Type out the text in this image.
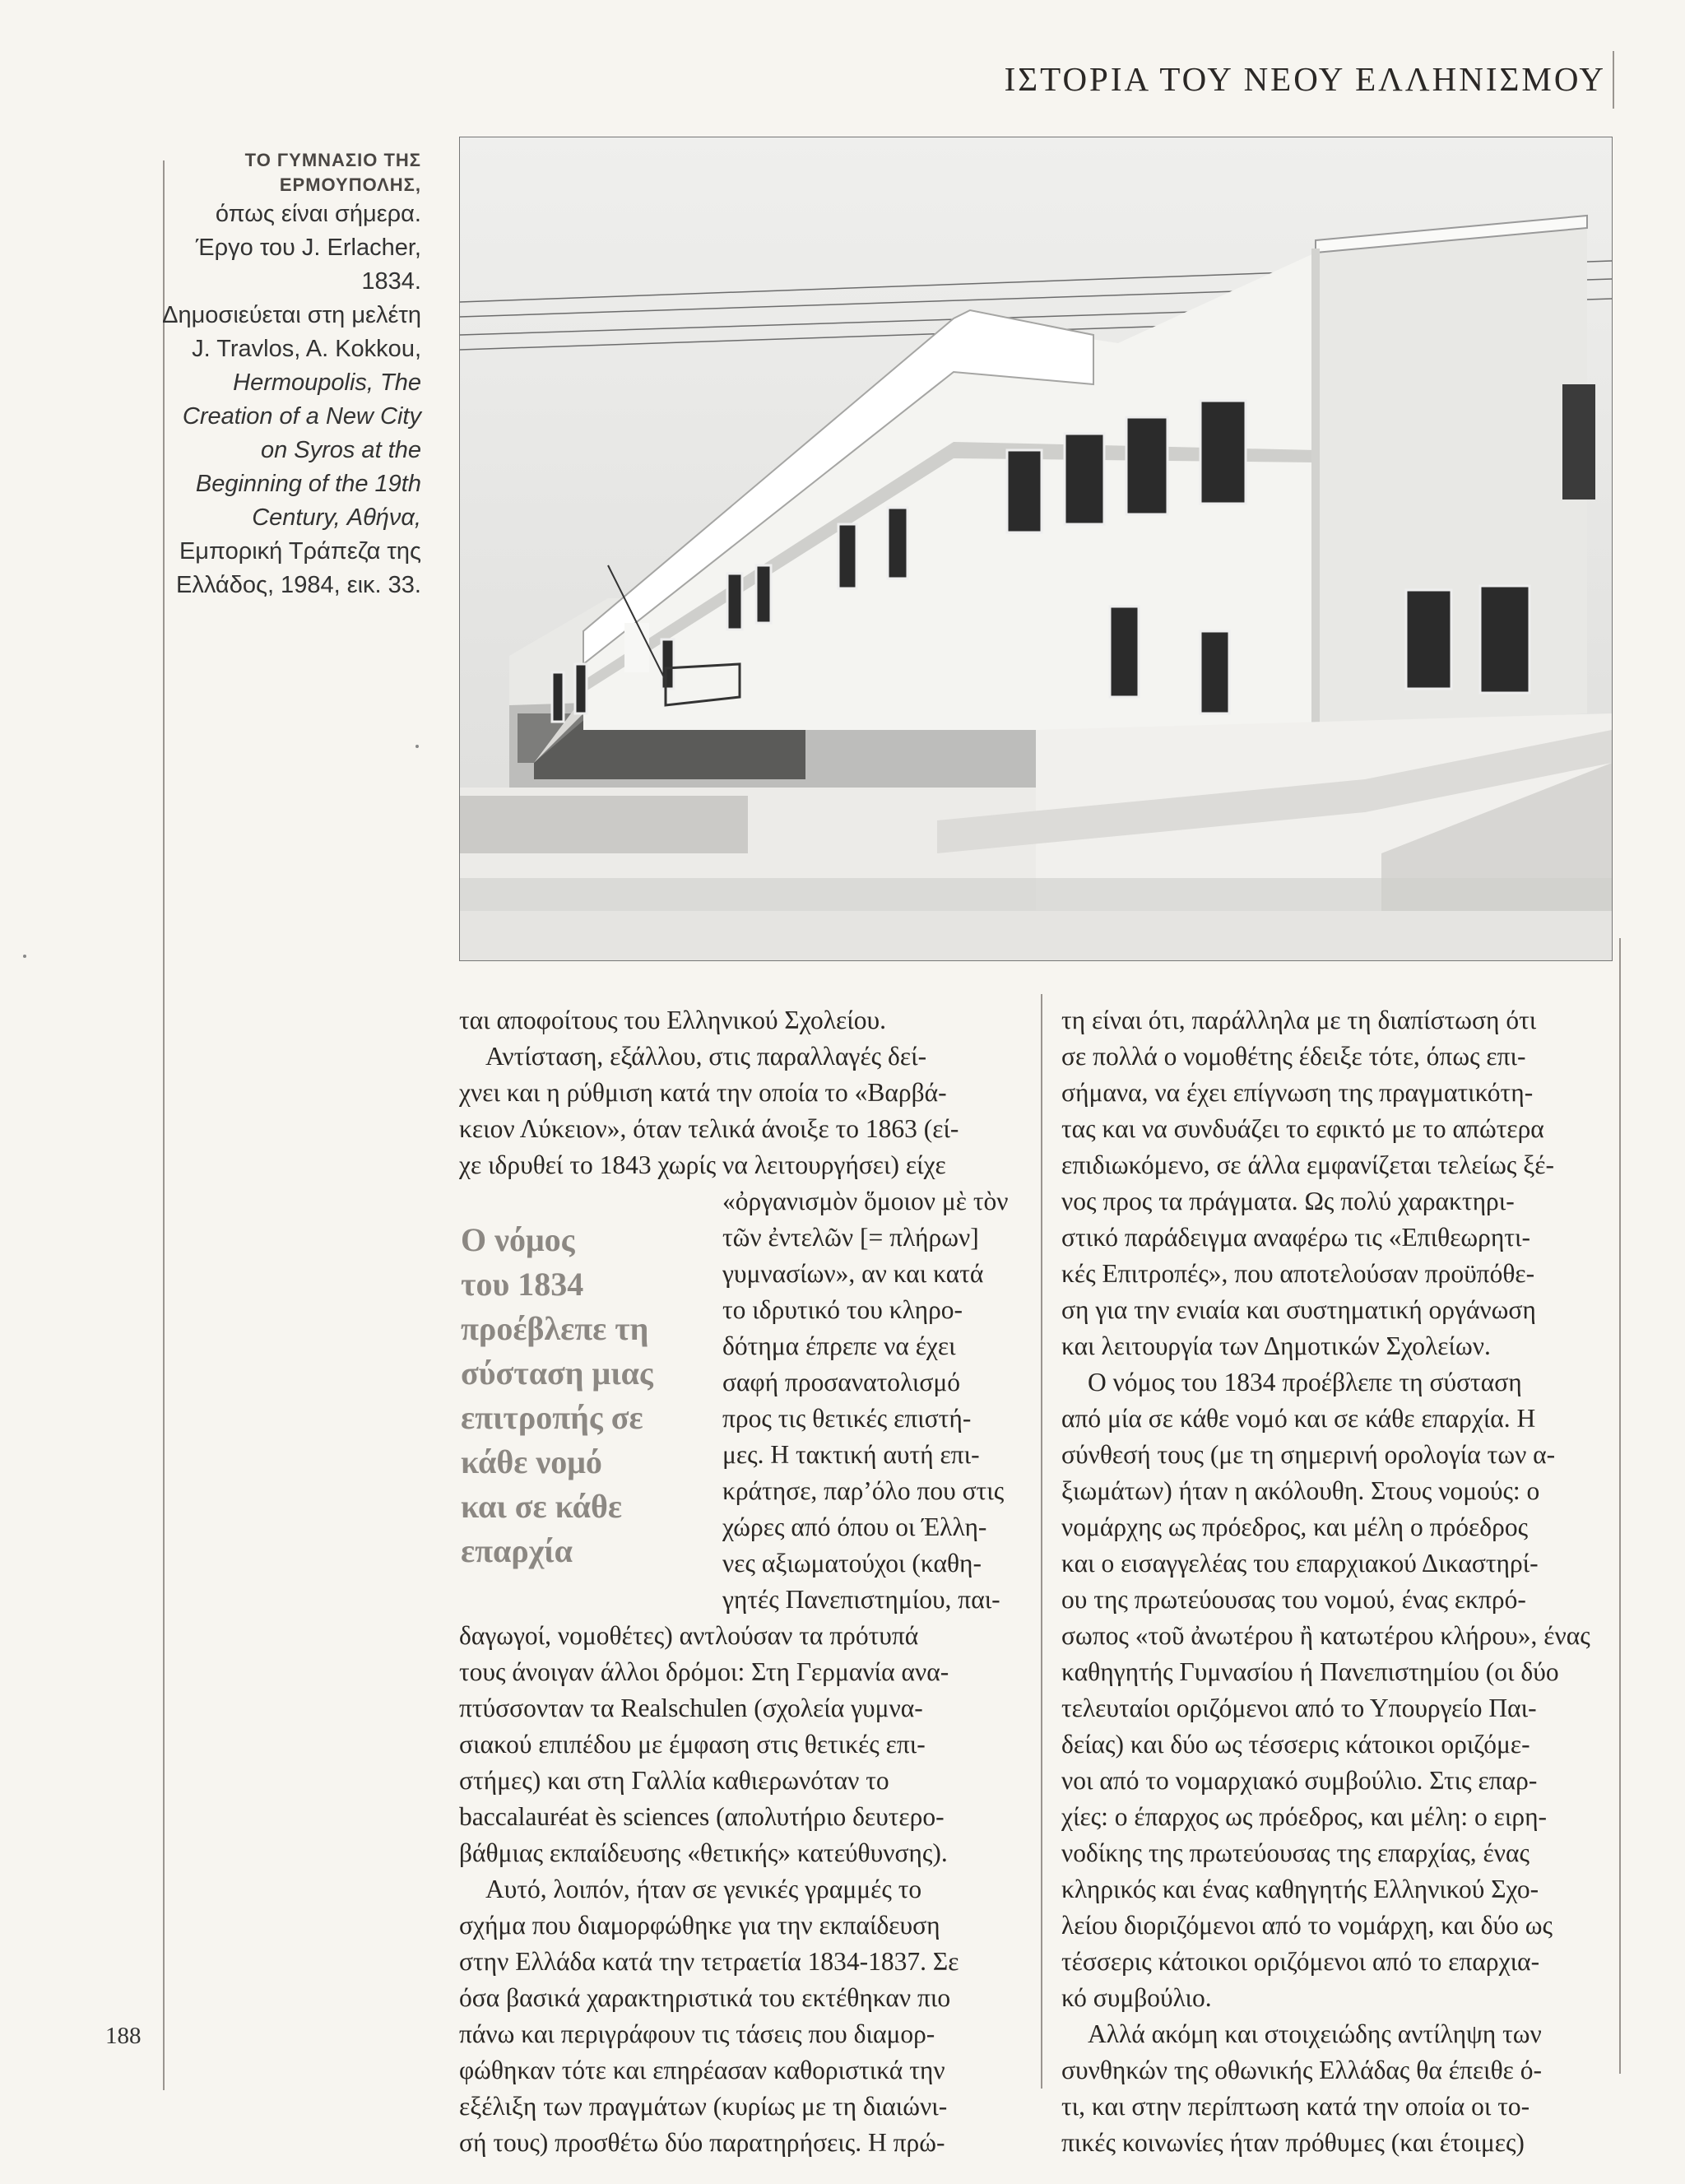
ΙΣΤΟΡΙΑ ΤΟΥ ΝΕΟΥ ΕΛΛΗΝΙΣΜΟΥ
ΤΟ ΓΥΜΝΑΣΙΟ ΤΗΣ
ΕΡΜΟΥΠΟΛΗΣ,
όπως είναι σήμερα.
Έργο του J. Erlacher,
1834.
Δημοσιεύεται στη μελέτη
J. Travlos, A. Kokkou,
Hermoupolis, The
Creation of a New City
on Syros at the
Beginning of the 19th
Century, Αθήνα,
Εμπορική Τράπεζα της
Ελλάδος, 1984, εικ. 33.
Ο νόμος
του 1834
προέβλεπε τη
σύσταση μιας
επιτροπής σε
κάθε νομό
και σε κάθε
επαρχία
ται αποφοίτους του Ελληνικού Σχολείου.
Αντίσταση, εξάλλου, στις παραλλαγές δεί-
χνει και η ρύθμιση κατά την οποία το «Βαρβά-
κειον Λύκειον», όταν τελικά άνοιξε το 1863 (εί-
χε ιδρυθεί το 1843 χωρίς να λειτουργήσει) είχε
«ὀργανισμὸν ὅμοιον μὲ τὸν
τῶν ἐντελῶν [= πλήρων]
γυμνασίων», αν και κατά
το ιδρυτικό του κληρο-
δότημα έπρεπε να έχει
σαφή προσανατολισμό
προς τις θετικές επιστή-
μες. Η τακτική αυτή επι-
κράτησε, παρ’όλο που στις
χώρες από όπου οι Έλλη-
νες αξιωματούχοι (καθη-
γητές Πανεπιστημίου, παι-
δαγωγοί, νομοθέτες) αντλούσαν τα πρότυπά
τους άνοιγαν άλλοι δρόμοι: Στη Γερμανία ανα-
πτύσσονταν τα Realschulen (σχολεία γυμνα-
σιακού επιπέδου με έμφαση στις θετικές επι-
στήμες) και στη Γαλλία καθιερωνόταν το
baccalauréat ès sciences (απολυτήριο δευτερο-
βάθμιας εκπαίδευσης «θετικής» κατεύθυνσης).
Αυτό, λοιπόν, ήταν σε γενικές γραμμές το
σχήμα που διαμορφώθηκε για την εκπαίδευση
στην Ελλάδα κατά την τετραετία 1834-1837. Σε
όσα βασικά χαρακτηριστικά του εκτέθηκαν πιο
πάνω και περιγράφουν τις τάσεις που διαμορ-
φώθηκαν τότε και επηρέασαν καθοριστικά την
εξέλιξη των πραγμάτων (κυρίως με τη διαιώνι-
σή τους) προσθέτω δύο παρατηρήσεις. Η πρώ-
τη είναι ότι, παράλληλα με τη διαπίστωση ότι
σε πολλά ο νομοθέτης έδειξε τότε, όπως επι-
σήμανα, να έχει επίγνωση της πραγματικότη-
τας και να συνδυάζει το εφικτό με το απώτερα
επιδιωκόμενο, σε άλλα εμφανίζεται τελείως ξέ-
νος προς τα πράγματα. Ως πολύ χαρακτηρι-
στικό παράδειγμα αναφέρω τις «Επιθεωρητι-
κές Επιτροπές», που αποτελούσαν προϋπόθε-
ση για την ενιαία και συστηματική οργάνωση
και λειτουργία των Δημοτικών Σχολείων.
Ο νόμος του 1834 προέβλεπε τη σύσταση
από μία σε κάθε νομό και σε κάθε επαρχία. Η
σύνθεσή τους (με τη σημερινή ορολογία των α-
ξιωμάτων) ήταν η ακόλουθη. Στους νομούς: ο
νομάρχης ως πρόεδρος, και μέλη ο πρόεδρος
και ο εισαγγελέας του επαρχιακού Δικαστηρί-
ου της πρωτεύουσας του νομού, ένας εκπρό-
σωπος «τοῦ ἀνωτέρου ἢ κατωτέρου κλήρου», ένας
καθηγητής Γυμνασίου ή Πανεπιστημίου (οι δύο
τελευταίοι οριζόμενοι από το Υπουργείο Παι-
δείας) και δύο ως τέσσερις κάτοικοι οριζόμε-
νοι από το νομαρχιακό συμβούλιο. Στις επαρ-
χίες: ο έπαρχος ως πρόεδρος, και μέλη: ο ειρη-
νοδίκης της πρωτεύουσας της επαρχίας, ένας
κληρικός και ένας καθηγητής Ελληνικού Σχο-
λείου διοριζόμενοι από το νομάρχη, και δύο ως
τέσσερις κάτοικοι οριζόμενοι από το επαρχια-
κό συμβούλιο.
Αλλά ακόμη και στοιχειώδης αντίληψη των
συνθηκών της οθωνικής Ελλάδας θα έπειθε ό-
τι, και στην περίπτωση κατά την οποία οι το-
πικές κοινωνίες ήταν πρόθυμες (και έτοιμες)
188
